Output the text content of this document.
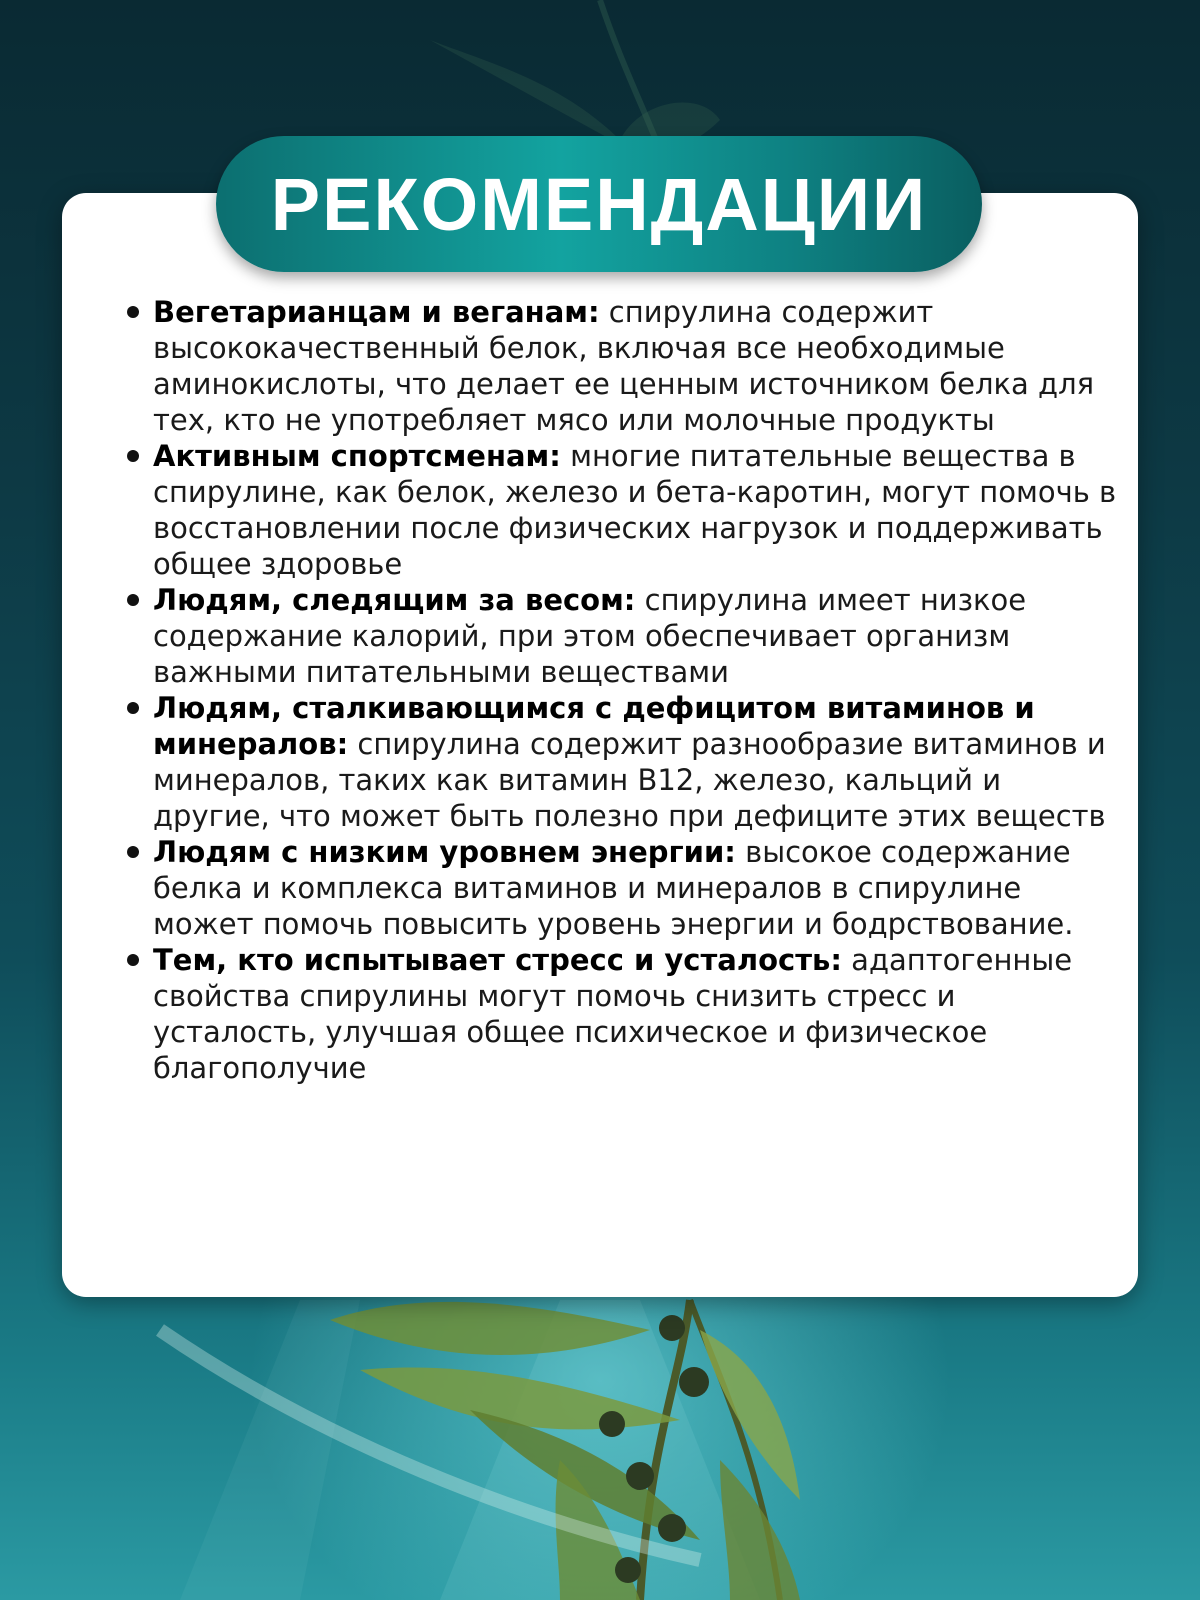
РЕКОМЕНДАЦИИ
Вегетарианцам и веганам: спирулина содержит высококачественный белок, включая все необходимые аминокислоты, что делает ее ценным источником белка для тех, кто не употребляет мясо или молочные продукты
Активным спортсменам: многие питательные вещества в спирулине, как белок, железо и бета-каротин, могут помочь в восстановлении после физических нагрузок и поддерживать общее здоровье
Людям, следящим за весом: спирулина имеет низкое содержание калорий, при этом обеспечивает организм важными питательными веществами
Людям, сталкивающимся с дефицитом витаминов и минералов: спирулина содержит разнообразие витаминов и минералов, таких как витамин B12, железо, кальций и другие, что может быть полезно при дефиците этих веществ
Людям с низким уровнем энергии: высокое содержание белка и комплекса витаминов и минералов в спирулине может помочь повысить уровень энергии и бодрствование.
Тем, кто испытывает стресс и усталость: адаптогенные свойства спирулины могут помочь снизить стресс и усталость, улучшая общее психическое и физическое благополучие
